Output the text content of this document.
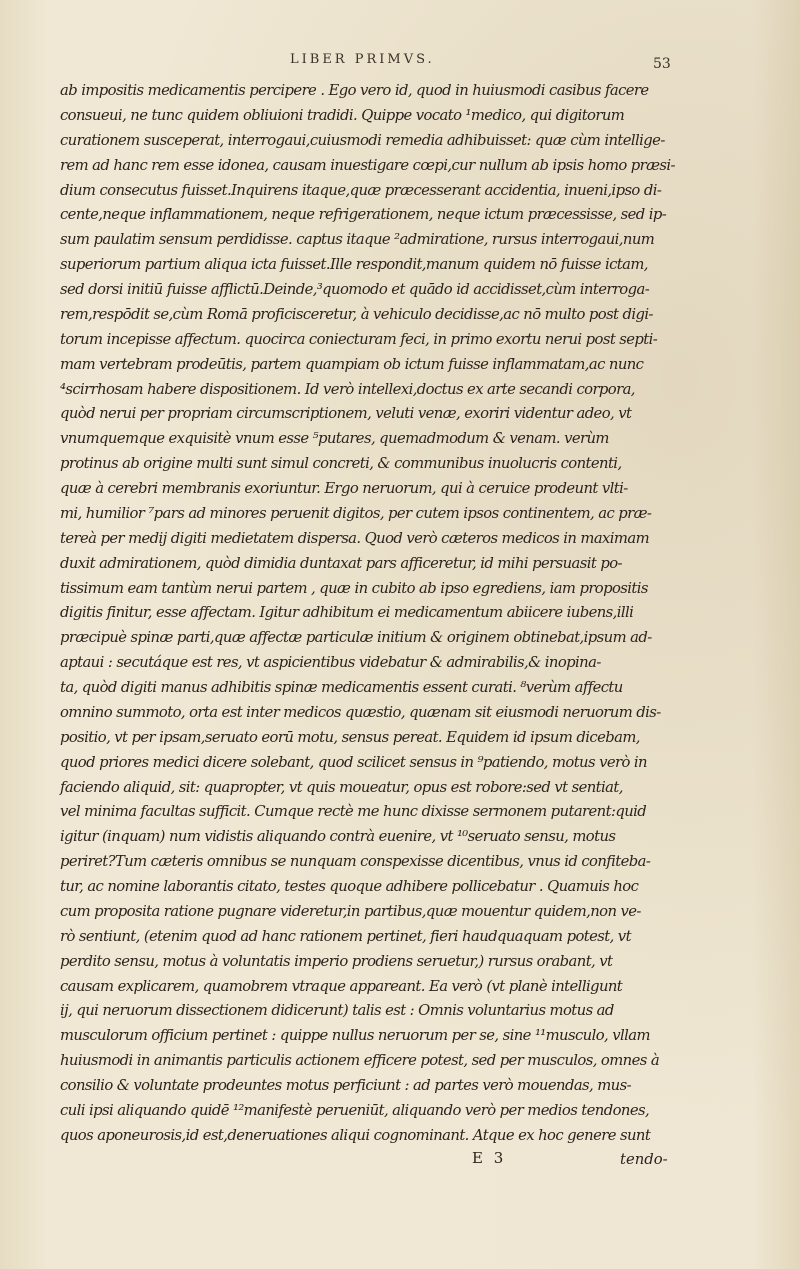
LIBER PRIMVS.	53
ab impositis medicamentis percipere . Ego vero id, quod in huiusmodi casibus facere
consueui, ne tunc quidem obliuioni tradidi. Quippe vocato ¹medico, qui digitorum
curationem susceperat, interrogaui,cuiusmodi remedia adhibuisset: quæ cùm intellige-
rem ad hanc rem esse idonea, causam inuestigare cœpi,cur nullum ab ipsis homo præsi-
dium consecutus fuisset.Inquirens itaque,quæ præcesserant accidentia, inueni,ipso di-
cente,neque inflammationem, neque refrigerationem, neque ictum præcessisse, sed ip-
sum paulatim sensum perdidisse. captus itaque ²admiratione, rursus interrogaui,num
superiorum partium aliqua icta fuisset.Ille respondit,manum quidem nō fuisse ictam,
sed dorsi initiū fuisse afflictū.Deinde,³quomodo et quādo id accidisset,cùm interroga-
rem,respōdit se,cùm Romā proficisceretur, à vehiculo decidisse,ac nō multo post digi-
torum incepisse affectum. quocirca coniecturam feci, in primo exortu nerui post septi-
mam vertebram prodeūtis, partem quampiam ob ictum fuisse inflammatam,ac nunc
⁴scirrhosam habere dispositionem. Id verò intellexi,doctus ex arte secandi corpora,
quòd nerui per propriam circumscriptionem, veluti venæ, exoriri videntur adeo, vt
vnumquemque exquisitè vnum esse ⁵putares, quemadmodum & venam. verùm
protinus ab origine multi sunt simul concreti, & communibus inuolucris contenti,
quæ à cerebri membranis exoriuntur. Ergo neruorum, qui à ceruice prodeunt vlti-
mi, humilior ⁷pars ad minores peruenit digitos, per cutem ipsos continentem, ac præ-
tereà per medij digiti medietatem dispersa. Quod verò cæteros medicos in maximam
duxit admirationem, quòd dimidia duntaxat pars afficeretur, id mihi persuasit po-
tissimum eam tantùm nerui partem , quæ in cubito ab ipso egrediens, iam propositis
digitis finitur, esse affectam. Igitur adhibitum ei medicamentum abiicere iubens,illi
præcipuè spinæ parti,quæ affectæ particulæ initium & originem obtinebat,ipsum ad-
aptaui : secutáque est res, vt aspicientibus videbatur & admirabilis,& inopina-
ta, quòd digiti manus adhibitis spinæ medicamentis essent curati. ⁸verùm affectu
omnino summoto, orta est inter medicos quæstio, quænam sit eiusmodi neruorum dis-
positio, vt per ipsam,seruato eorū motu, sensus pereat. Equidem id ipsum dicebam,
quod priores medici dicere solebant, quod scilicet sensus in ⁹patiendo, motus verò in
faciendo aliquid, sit: quapropter, vt quis moueatur, opus est robore:sed vt sentiat,
vel minima facultas sufficit. Cumque rectè me hunc dixisse sermonem putarent:quid
igitur (inquam) num vidistis aliquando contrà euenire, vt ¹⁰seruato sensu, motus
periret?Tum cæteris omnibus se nunquam conspexisse dicentibus, vnus id confiteba-
tur, ac nomine laborantis citato, testes quoque adhibere pollicebatur . Quamuis hoc
cum proposita ratione pugnare videretur,in partibus,quæ mouentur quidem,non ve-
rò sentiunt, (etenim quod ad hanc rationem pertinet, fieri haudquaquam potest, vt
perdito sensu, motus à voluntatis imperio prodiens seruetur,) rursus orabant, vt
causam explicarem, quamobrem vtraque appareant. Ea verò (vt planè intelligunt
ij, qui neruorum dissectionem didicerunt) talis est : Omnis voluntarius motus ad
musculorum officium pertinet : quippe nullus neruorum per se, sine ¹¹musculo, vllam
huiusmodi in animantis particulis actionem efficere potest, sed per musculos, omnes à
consilio & voluntate prodeuntes motus perficiunt : ad partes verò mouendas, mus-
culi ipsi aliquando quidē ¹²manifestè perueniūt, aliquando verò per medios tendones,
quos aponeurosis,id est,deneruationes aliqui cognominant. Atque ex hoc genere sunt
E 3	tendo-
